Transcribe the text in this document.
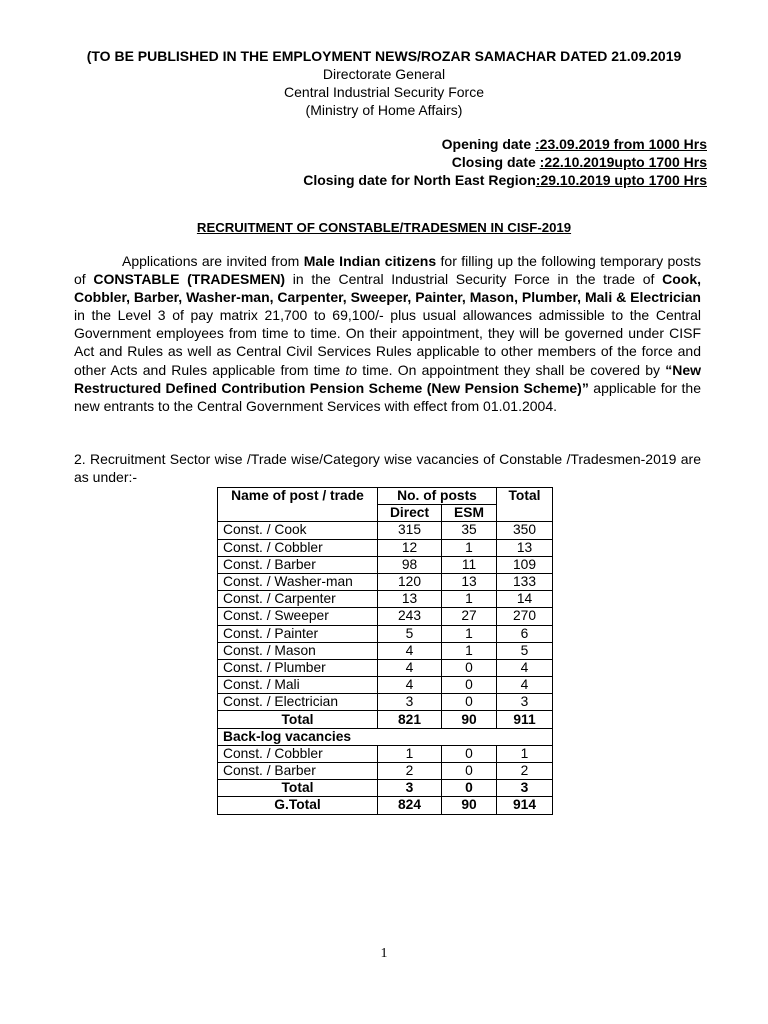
(TO BE PUBLISHED IN THE EMPLOYMENT NEWS/ROZAR SAMACHAR DATED 21.09.2019
Directorate General
Central Industrial Security Force
(Ministry of Home Affairs)
Opening date :23.09.2019 from 1000 Hrs
Closing date :22.10.2019upto 1700 Hrs
Closing date for North East Region:29.10.2019 upto 1700 Hrs
RECRUITMENT OF CONSTABLE/TRADESMEN IN CISF-2019
Applications are invited from Male Indian citizens for filling up the following temporary posts of CONSTABLE (TRADESMEN) in the Central Industrial Security Force in the trade of Cook, Cobbler, Barber, Washer-man, Carpenter, Sweeper, Painter, Mason, Plumber, Mali & Electrician in the Level 3 of pay matrix 21,700 to 69,100/- plus usual allowances admissible to the Central Government employees from time to time. On their appointment, they will be governed under CISF Act and Rules as well as Central Civil Services Rules applicable to other members of the force and other Acts and Rules applicable from time to time. On appointment they shall be covered by “New Restructured Defined Contribution Pension Scheme (New Pension Scheme)” applicable for the new entrants to the Central Government Services with effect from 01.01.2004.
2. Recruitment Sector wise /Trade wise/Category wise vacancies of Constable /Tradesmen-2019 are as under:-
Name of post / trade	No. of posts		Total
	Direct	ESM	
Const. / Cook	315	35	350
Const. / Cobbler	12	1	13
Const. / Barber	98	11	109
Const. / Washer-man	120	13	133
Const. / Carpenter	13	1	14
Const. / Sweeper	243	27	270
Const. / Painter	5	1	6
Const. / Mason	4	1	5
Const. / Plumber	4	0	4
Const. / Mali	4	0	4
Const. / Electrician	3	0	3
Total	821	90	911
Back-log vacancies			
Const. / Cobbler	1	0	1
Const. / Barber	2	0	2
Total	3	0	3
G.Total	824	90	914
1
